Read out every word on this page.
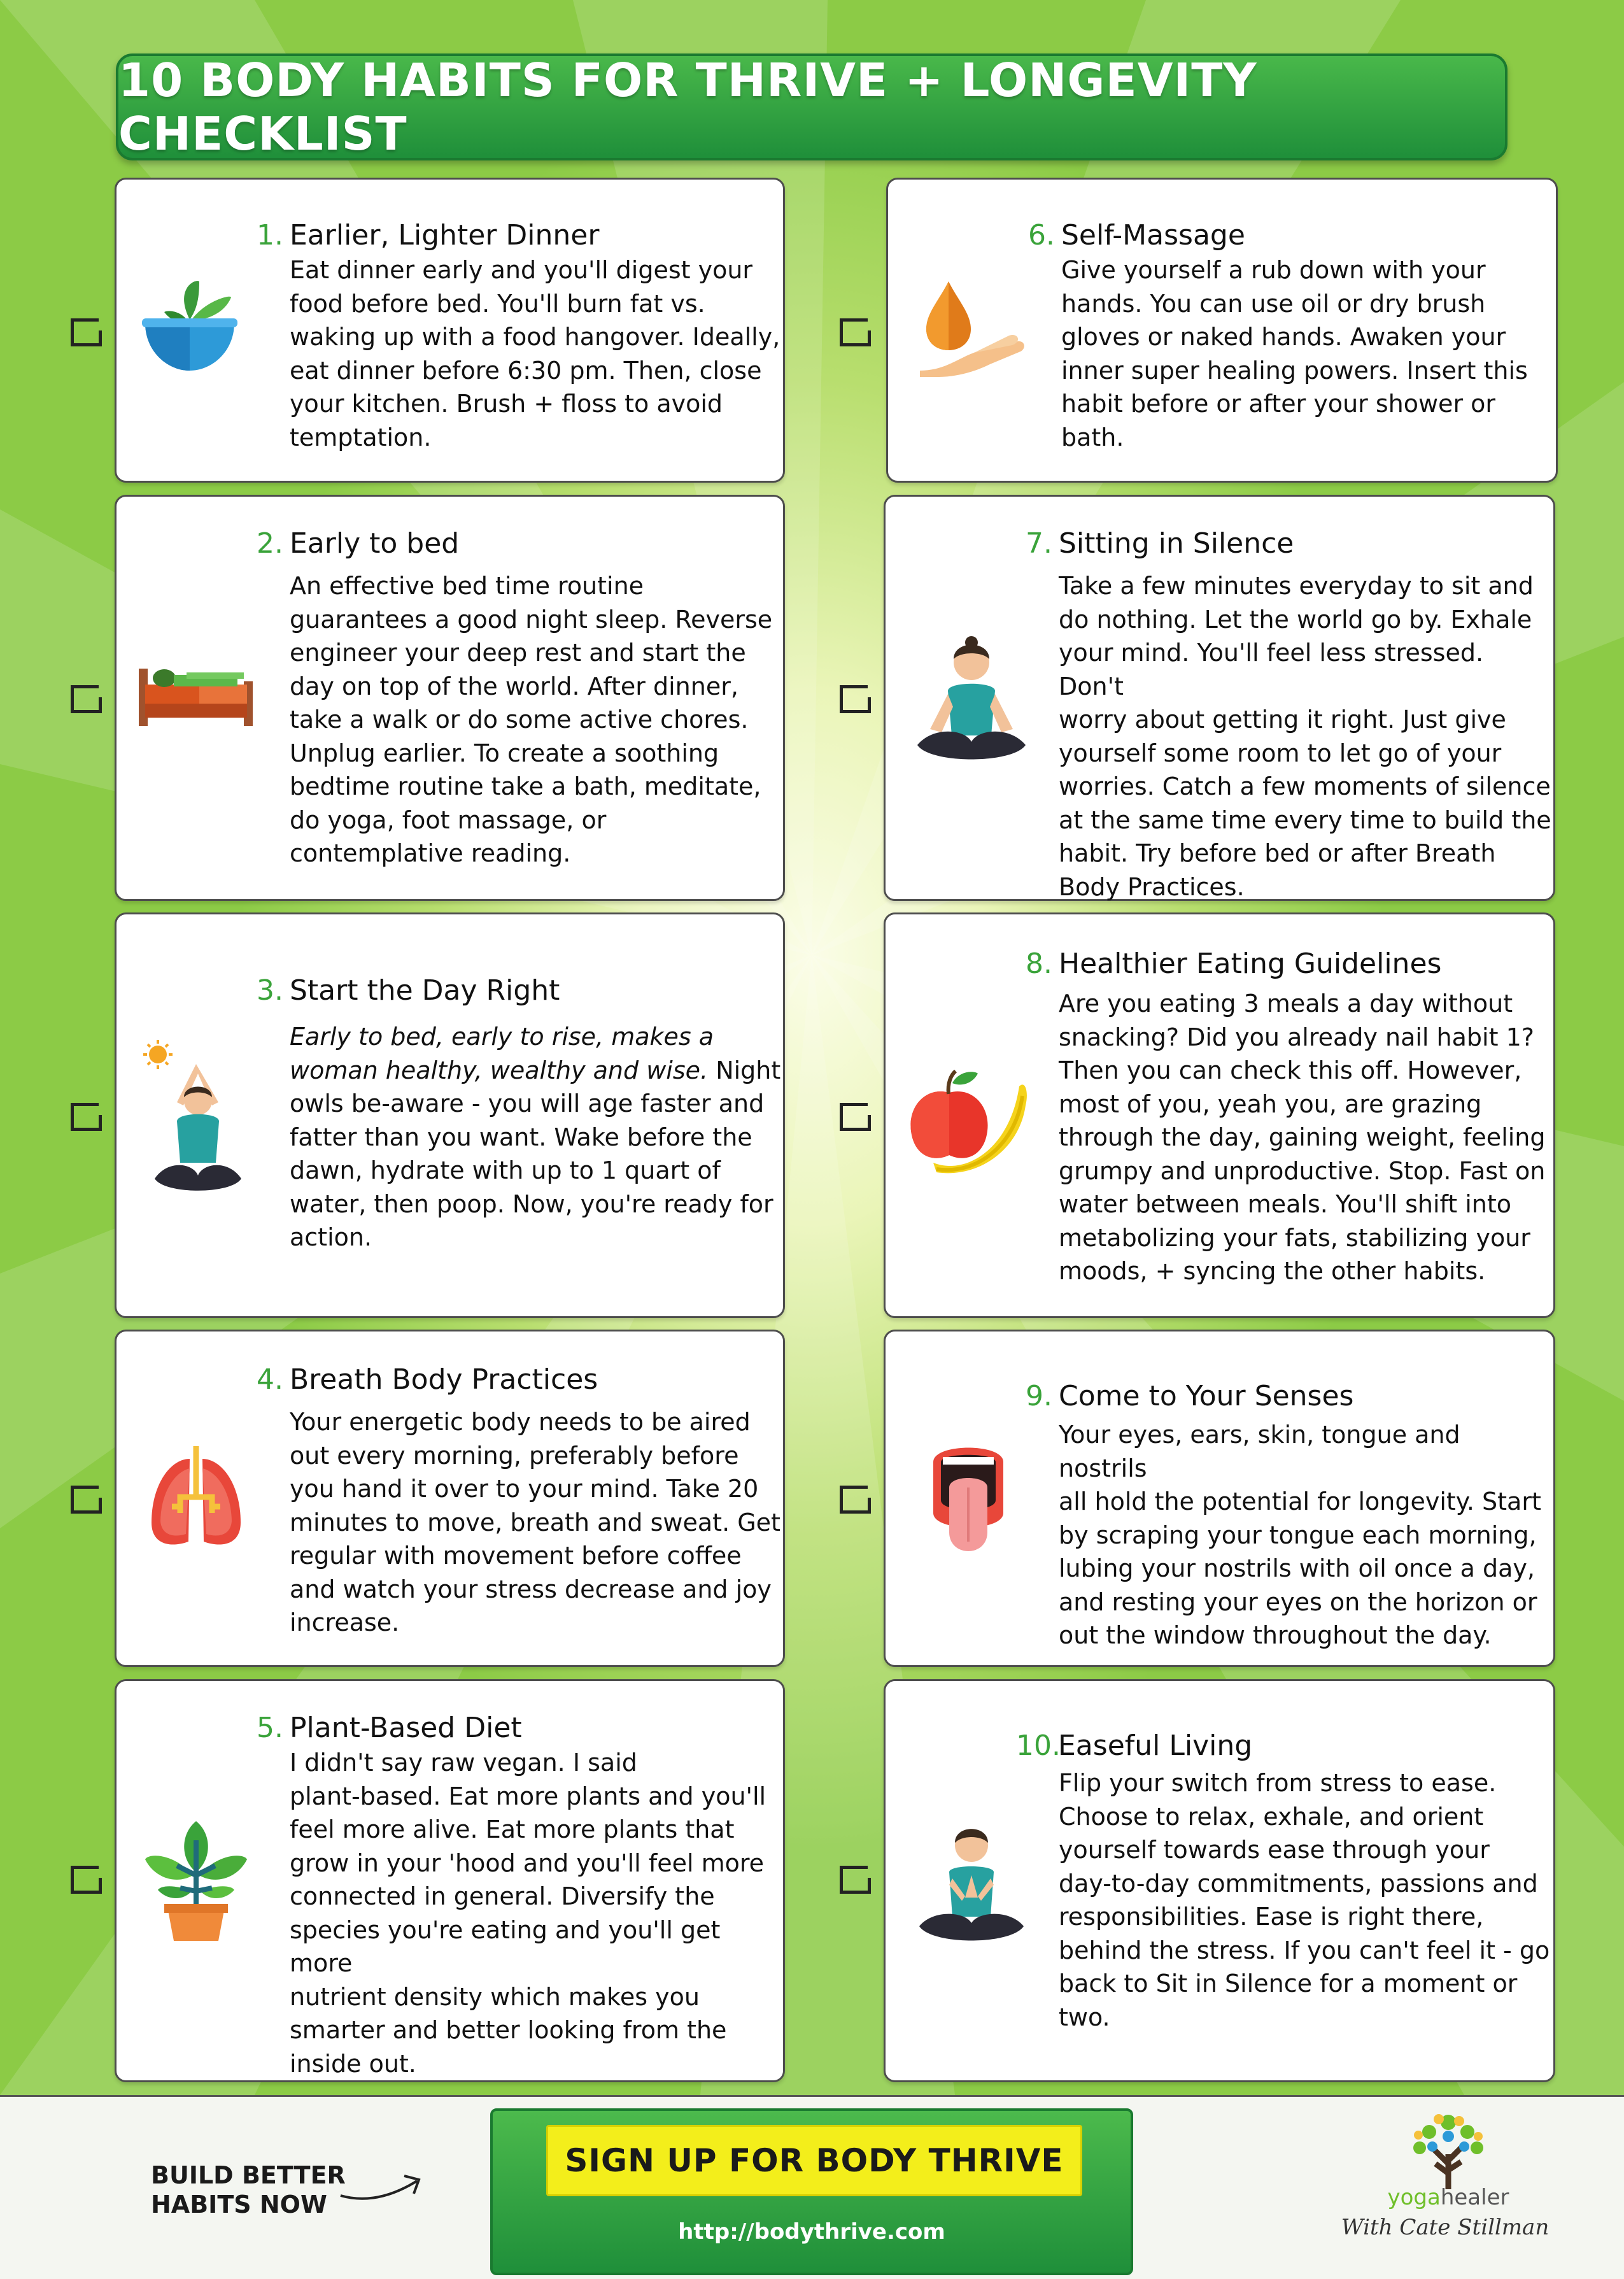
10 BODY HABITS FOR THRIVE + LONGEVITY CHECKLIST
1. Earlier, Lighter Dinner
Eat dinner early and you'll digest your
food before bed. You'll burn fat vs.
waking up with a food hangover. Ideally,
eat dinner before 6:30 pm. Then, close
your kitchen. Brush + floss to avoid
temptation.
2. Early to bed
An effective bed time routine
guarantees a good night sleep. Reverse
engineer your deep rest and start the
day on top of the world. After dinner,
take a walk or do some active chores.
Unplug earlier. To create a soothing
bedtime routine take a bath, meditate,
do yoga, foot massage, or
contemplative reading.
3. Start the Day Right
Early to bed, early to rise, makes a
woman healthy, wealthy and wise. Night
owls be-aware - you will age faster and
fatter than you want. Wake before the
dawn, hydrate with up to 1 quart of
water, then poop. Now, you're ready for
action.
4. Breath Body Practices
Your energetic body needs to be aired
out every morning, preferably before
you hand it over to your mind. Take 20
minutes to move, breath and sweat. Get
regular with movement before coffee
and watch your stress decrease and joy
increase.
5. Plant-Based Diet
I didn't say raw vegan. I said
plant-based. Eat more plants and you'll
feel more alive. Eat more plants that
grow in your 'hood and you'll feel more
connected in general. Diversify the
species you're eating and you'll get more
nutrient density which makes you
smarter and better looking from the
inside out.
6. Self-Massage
Give yourself a rub down with your
hands. You can use oil or dry brush
gloves or naked hands. Awaken your
inner super healing powers. Insert this
habit before or after your shower or
bath.
7. Sitting in Silence
Take a few minutes everyday to sit and
do nothing. Let the world go by. Exhale
your mind. You'll feel less stressed. Don't
worry about getting it right. Just give
yourself some room to let go of your
worries. Catch a few moments of silence
at the same time every time to build the
habit. Try before bed or after Breath
Body Practices.
8. Healthier Eating Guidelines
Are you eating 3 meals a day without
snacking? Did you already nail habit 1?
Then you can check this off. However,
most of you, yeah you, are grazing
through the day, gaining weight, feeling
grumpy and unproductive. Stop. Fast on
water between meals. You'll shift into
metabolizing your fats, stabilizing your
moods, + syncing the other habits.
9. Come to Your Senses
Your eyes, ears, skin, tongue and nostrils
all hold the potential for longevity. Start
by scraping your tongue each morning,
lubing your nostrils with oil once a day,
and resting your eyes on the horizon or
out the window throughout the day.
10.Easeful Living
Flip your switch from stress to ease.
Choose to relax, exhale, and orient
yourself towards ease through your
day-to-day commitments, passions and
responsibilities. Ease is right there,
behind the stress. If you can't feel it - go
back to Sit in Silence for a moment or
two.
BUILD BETTER
HABITS NOW
SIGN UP FOR BODY THRIVE
http://bodythrive.com
yogahealer
With Cate Stillman
